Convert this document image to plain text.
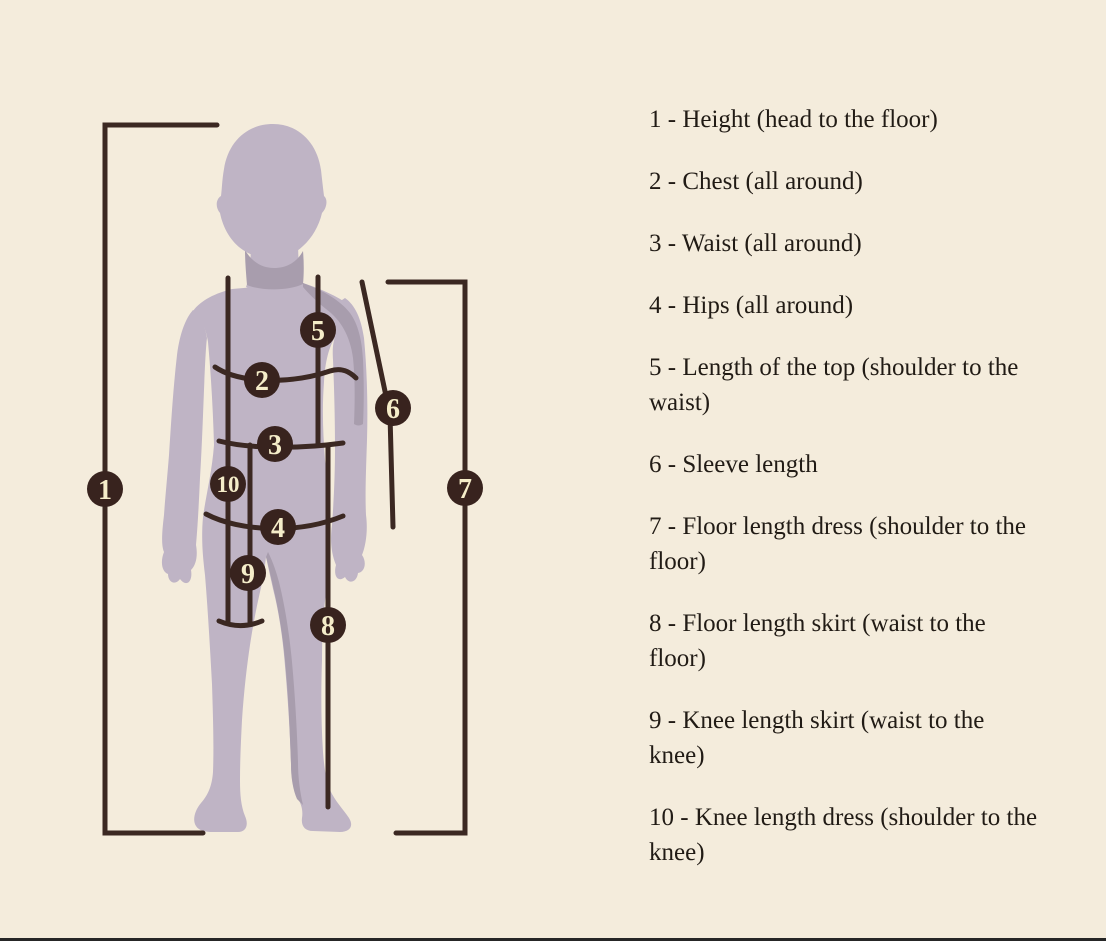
1
2
3
4
5
6
7
8
9
10

1 - Height (head to the floor)

2 - Chest (all around)

3 - Waist (all around)

4 - Hips (all around)

5 - Length of the top (shoulder to the waist)

6 - Sleeve length

7 - Floor length dress (shoulder to the floor)

8 - Floor length skirt (waist to the floor)

9 - Knee length skirt (waist to the knee)

10 - Knee length dress (shoulder to the knee)
